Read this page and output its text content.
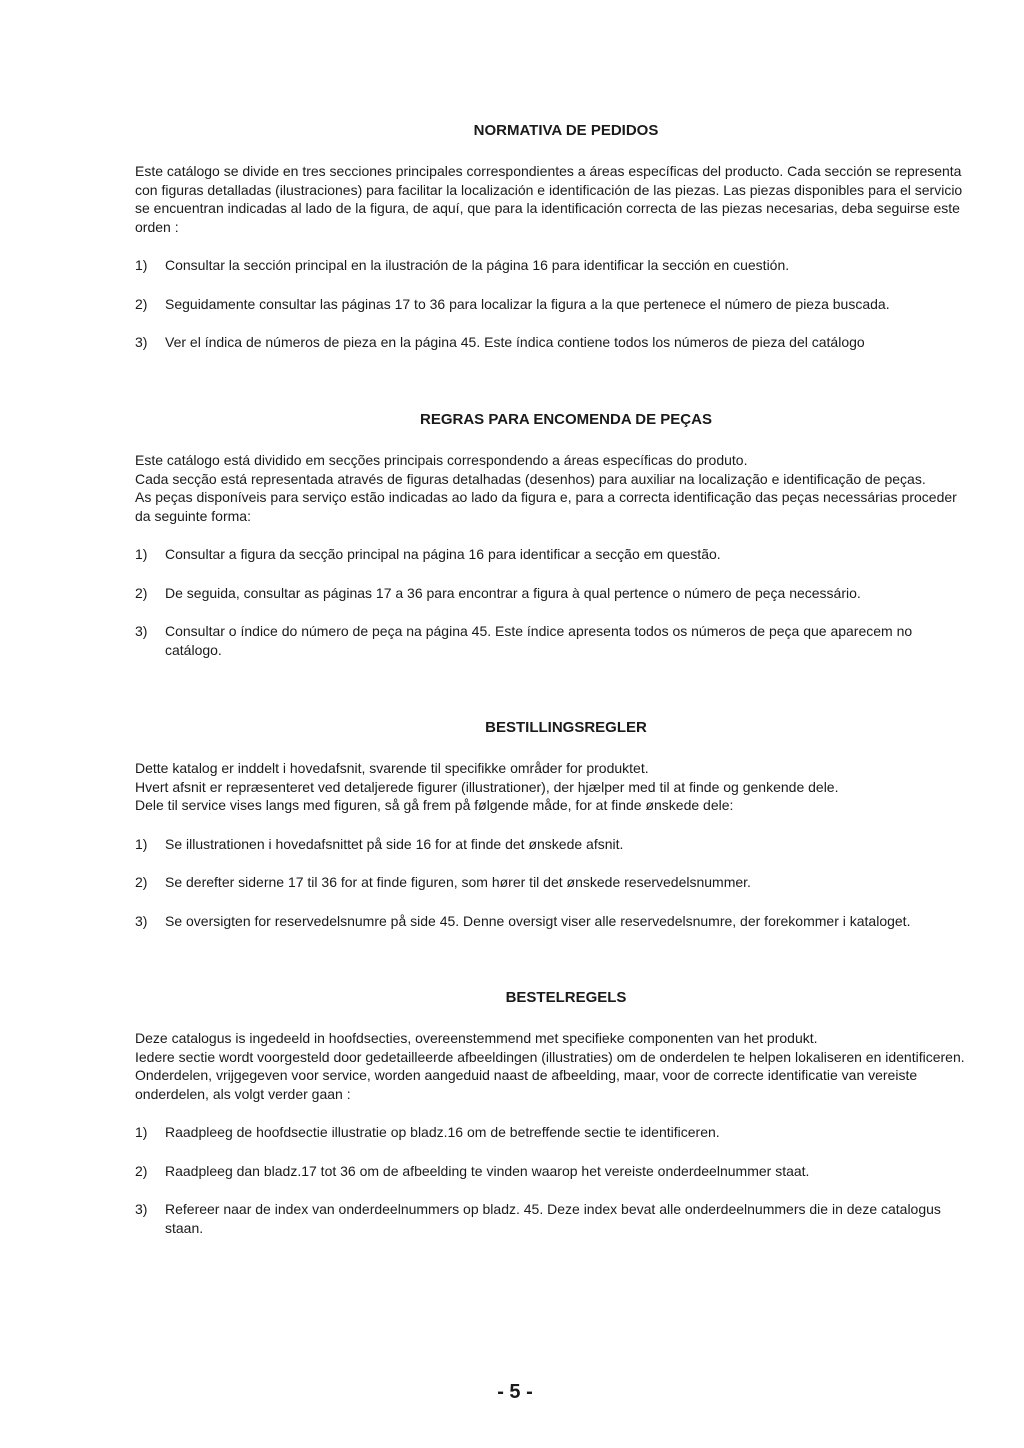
NORMATIVA DE PEDIDOS

Este catálogo se divide en tres secciones principales correspondientes a áreas específicas del producto. Cada sección se representa con figuras detalladas (ilustraciones) para facilitar la localización e identificación de las piezas. Las piezas disponibles para el servicio se encuentran indicadas al lado de la figura, de aquí, que para la identificación correcta de las piezas necesarias, deba seguirse este orden :

1)	Consultar la sección principal en la ilustración de la página 16 para identificar la sección en cuestión.
2)	Seguidamente consultar las páginas 17 to 36 para localizar la figura a la que pertenece el número de pieza buscada.
3)	Ver el índica de números de pieza en la página 45. Este índica contiene todos los números de pieza del catálogo
REGRAS PARA ENCOMENDA DE PEÇAS

Este catálogo está dividido em secções principais correspondendo a áreas específicas do produto.
Cada secção está representada através de figuras detalhadas (desenhos) para auxiliar na localização e identificação de peças.
As peças disponíveis para serviço estão indicadas ao lado da figura e, para a correcta identificação das peças necessárias proceder da seguinte forma:

1)	Consultar a figura da secção principal na página 16 para identificar a secção em questão.
2)	De seguida, consultar as páginas 17 a 36 para encontrar a figura à qual pertence o número de peça necessário.
3)	Consultar o índice do número de peça na página 45. Este índice apresenta todos os números de peça que aparecem no catálogo.
BESTILLINGSREGLER

Dette katalog er inddelt i hovedafsnit, svarende til specifikke områder for produktet.
Hvert afsnit er repræsenteret ved detaljerede figurer (illustrationer), der hjælper med til at finde og genkende dele.
Dele til service vises langs med figuren, så gå frem på følgende måde, for at finde ønskede dele:

1)	Se illustrationen i hovedafsnittet på side 16 for at finde det ønskede afsnit.
2)	Se derefter siderne 17 til 36 for at finde figuren, som hører til det ønskede reservedelsnummer.
3)	Se oversigten for reservedelsnumre på side 45. Denne oversigt viser alle reservedelsnumre, der forekommer i kataloget.
BESTELREGELS

Deze catalogus is ingedeeld in hoofdsecties, overeenstemmend met specifieke componenten van het produkt.
Iedere sectie wordt voorgesteld door gedetailleerde afbeeldingen (illustraties) om de onderdelen te helpen lokaliseren en identificeren.
Onderdelen, vrijgegeven voor service, worden aangeduid naast de afbeelding, maar, voor de correcte identificatie van vereiste onderdelen, als volgt verder gaan :

1)	Raadpleeg de hoofdsectie illustratie op bladz.16 om de betreffende sectie te identificeren.
2)	Raadpleeg dan bladz.17 tot 36 om de afbeelding te vinden waarop het vereiste onderdeelnummer staat.
3)	Refereer naar de index van onderdeelnummers op bladz. 45. Deze index bevat alle onderdeelnummers die in deze catalogus staan.
- 5 -
